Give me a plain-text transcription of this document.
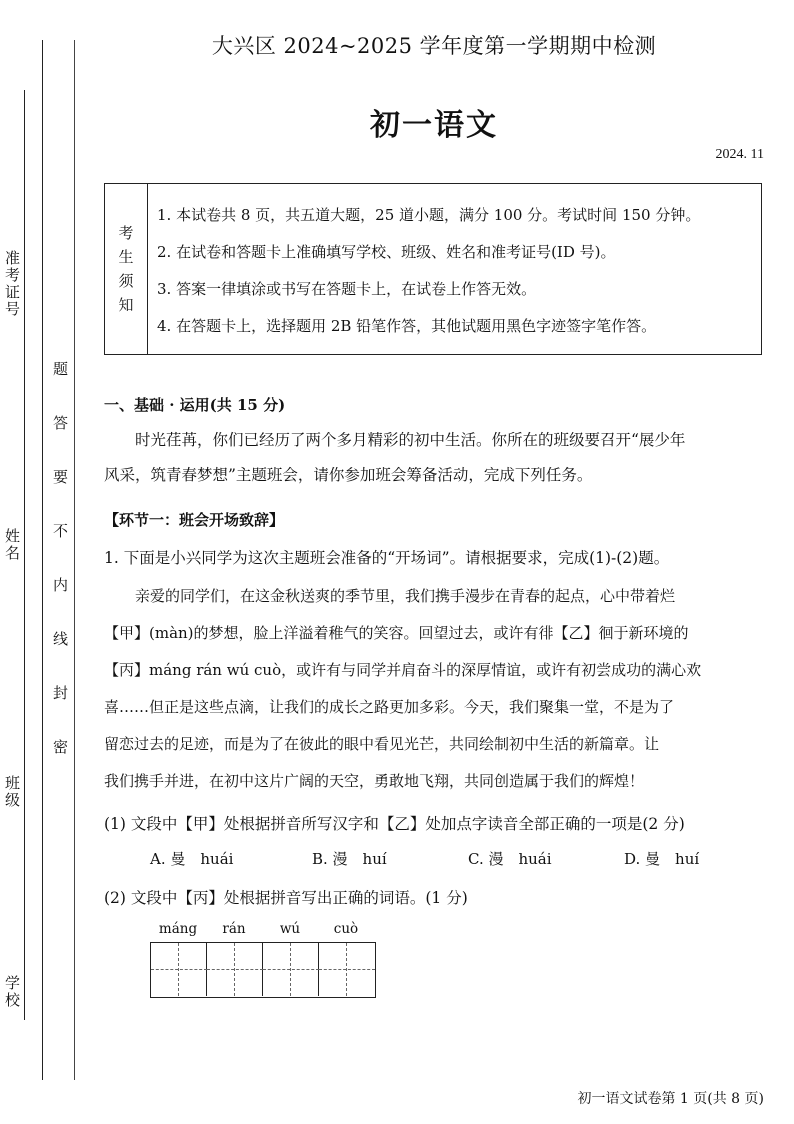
准考证号
姓名
班级
学校
题
答
要
不
内
线
封
密
大兴区 2024~2025 学年度第一学期期中检测
初一语文
2024. 11
考
生
须
知
1. 本试卷共 8 页，共五道大题，25 道小题，满分 100 分。考试时间 150 分钟。
2. 在试卷和答题卡上准确填写学校、班级、姓名和准考证号(ID 号)。
3. 答案一律填涂或书写在答题卡上，在试卷上作答无效。
4. 在答题卡上，选择题用 2B 铅笔作答，其他试题用黑色字迹签字笔作答。
一、基础 · 运用(共 15 分)
时光荏苒，你们已经历了两个多月精彩的初中生活。你所在的班级要召开“展少年
风采，筑青春梦想”主题班会，请你参加班会筹备活动，完成下列任务。
【环节一：班会开场致辞】
1. 下面是小兴同学为这次主题班会准备的“开场词”。请根据要求，完成(1)-(2)题。
亲爱的同学们，在这金秋送爽的季节里，我们携手漫步在青春的起点，心中带着烂
【甲】(màn)的梦想，脸上洋溢着稚气的笑容。回望过去，或许有徘【乙】徊于新环境的
【丙】máng rán wú cuò，或许有与同学并肩奋斗的深厚情谊，或许有初尝成功的满心欢
喜……但正是这些点滴，让我们的成长之路更加多彩。今天，我们聚集一堂，不是为了
留恋过去的足迹，而是为了在彼此的眼中看见光芒，共同绘制初中生活的新篇章。让
我们携手并进，在初中这片广阔的天空，勇敢地飞翔，共同创造属于我们的辉煌！
(1) 文段中【甲】处根据拼音所写汉字和【乙】处加点字读音全部正确的一项是(2 分)
A. 曼　huái	B. 漫　huí	C. 漫　huái	D. 曼　huí
(2) 文段中【丙】处根据拼音写出正确的词语。(1 分)
máng	rán	wú	cuò
初一语文试卷第 1 页(共 8 页)
